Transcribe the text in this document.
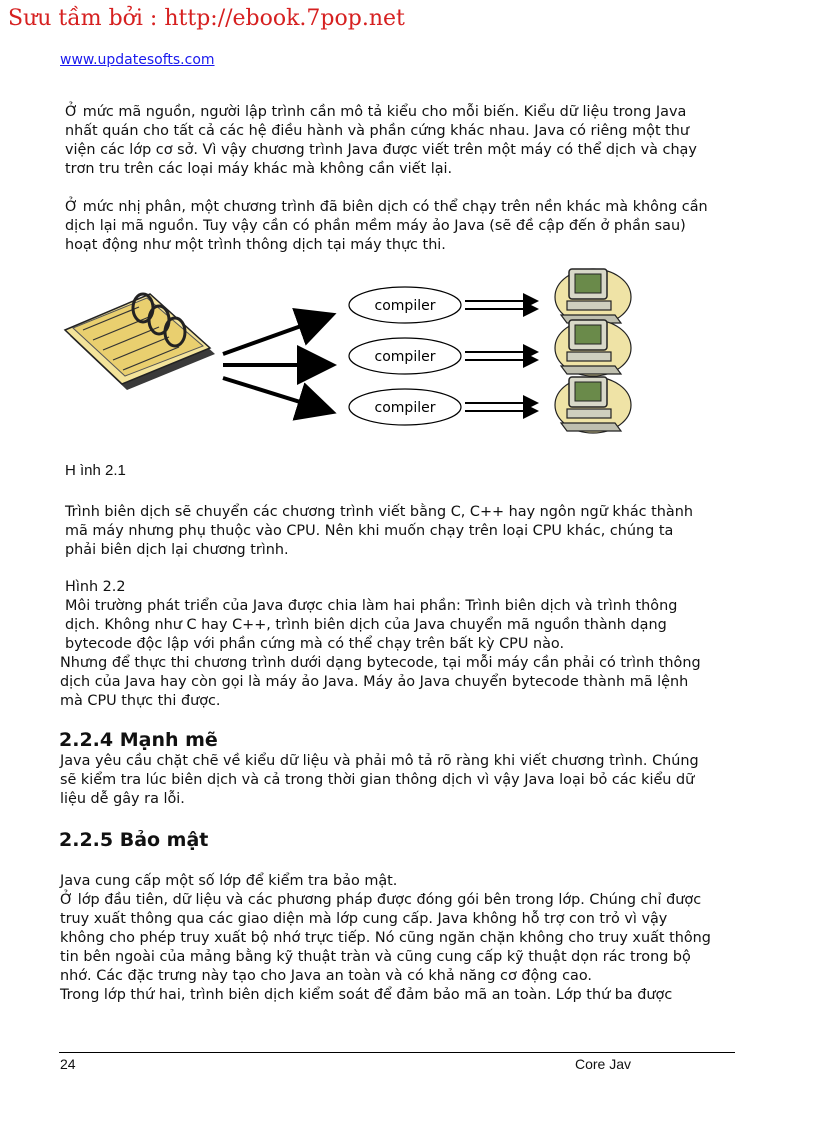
Sưu tầm bởi : http://ebook.7pop.net
www.updatesofts.com
Ở mức mã nguồn, người lập trình cần mô tả kiểu cho mỗi biến. Kiểu dữ liệu trong Java
nhất quán cho tất cả các hệ điều hành và phần cứng khác nhau. Java có riêng một thư
viện các lớp cơ sở. Vì vậy chương trình Java được viết trên một máy có thể dịch và chạy
trơn tru trên các loại máy khác mà không cần viết lại.
Ở mức nhị phân, một chương trình đã biên dịch có thể chạy trên nền khác mà không cần
dịch lại mã nguồn. Tuy vậy cần có phần mềm máy ảo Java (sẽ đề cập đến ở phần sau)
hoạt động như một trình thông dịch tại máy thực thi.
compiler
compiler
compiler
H ình 2.1
Trình biên dịch sẽ chuyển các chương trình viết bằng C, C++ hay ngôn ngữ khác thành
mã máy nhưng phụ thuộc vào CPU. Nên khi muốn chạy trên loại CPU khác, chúng ta
phải biên dịch lại chương trình.
Hình 2.2
Môi trường phát triển của Java được chia làm hai phần: Trình biên dịch và trình thông
dịch. Không như C hay C++, trình biên dịch của Java chuyển mã nguồn thành dạng
bytecode độc lập với phần cứng mà có thể chạy trên bất kỳ CPU nào.
Nhưng để thực thi chương trình dưới dạng bytecode, tại mỗi máy cần phải có trình thông
dịch của Java hay còn gọi là máy ảo Java. Máy ảo Java chuyển bytecode thành mã lệnh
mà CPU thực thi được.
2.2.4 Mạnh mẽ
Java yêu cầu chặt chẽ về kiểu dữ liệu và phải mô tả rõ ràng khi viết chương trình. Chúng
sẽ kiểm tra lúc biên dịch và cả trong thời gian thông dịch vì vậy Java loại bỏ các kiểu dữ
liệu dễ gây ra lỗi.
2.2.5 Bảo mật
Java cung cấp một số lớp để kiểm tra bảo mật.
Ở lớp đầu tiên, dữ liệu và các phương pháp được đóng gói bên trong lớp. Chúng chỉ được
truy xuất thông qua các giao diện mà lớp cung cấp. Java không hỗ trợ con trỏ vì vậy
không cho phép truy xuất bộ nhớ trực tiếp. Nó cũng ngăn chặn không cho truy xuất thông
tin bên ngoài của mảng bằng kỹ thuật tràn và cũng cung cấp kỹ thuật dọn rác trong bộ
nhớ. Các đặc trưng này tạo cho Java an toàn và có khả năng cơ động cao.
Trong lớp thứ hai, trình biên dịch kiểm soát để đảm bảo mã an toàn. Lớp thứ ba được
24	Core Jav
